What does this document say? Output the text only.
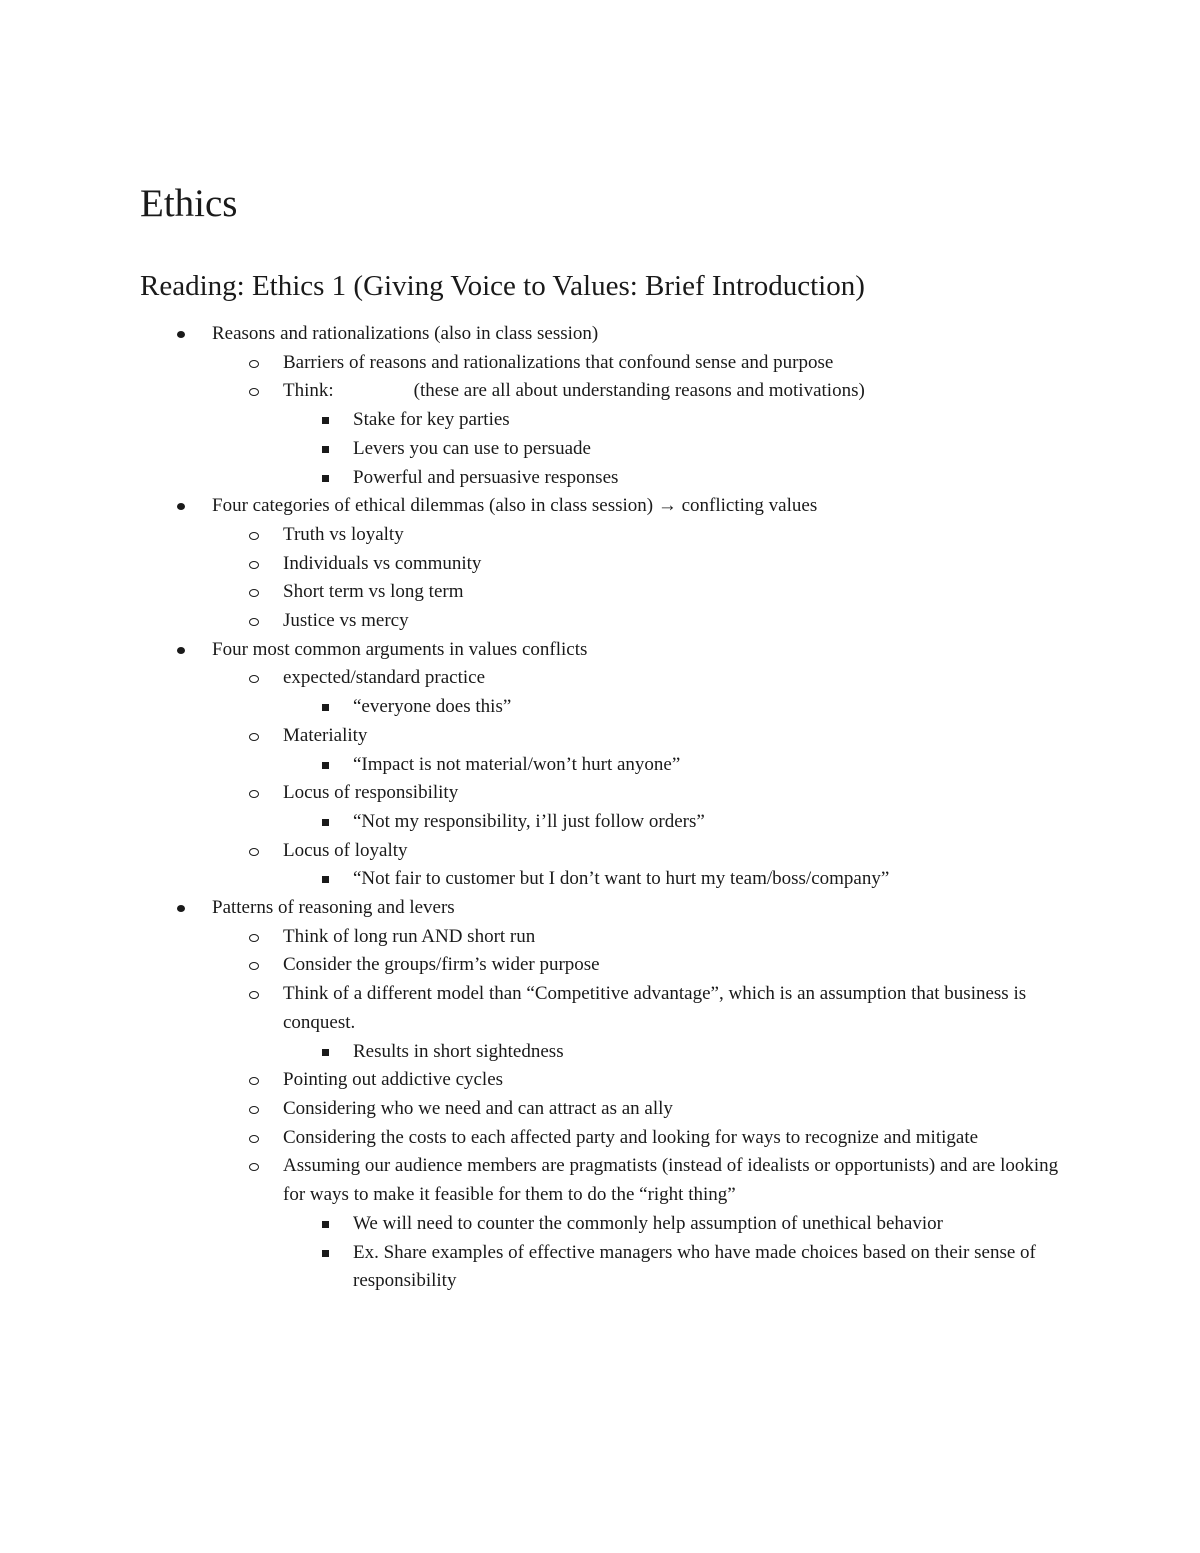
Ethics
Reading: Ethics 1 (Giving Voice to Values: Brief Introduction)
Reasons and rationalizations (also in class session)
Barriers of reasons and rationalizations that confound sense and purpose
Think:	(these are all about understanding reasons and motivations)
Stake for key parties
Levers you can use to persuade
Powerful and persuasive responses
Four categories of ethical dilemmas (also in class session) → conflicting values
Truth vs loyalty
Individuals vs community
Short term vs long term
Justice vs mercy
Four most common arguments in values conflicts
expected/standard practice
“everyone does this”
Materiality
“Impact is not material/won’t hurt anyone”
Locus of responsibility
“Not my responsibility, i’ll just follow orders”
Locus of loyalty
“Not fair to customer but I don’t want to hurt my team/boss/company”
Patterns of reasoning and levers
Think of long run AND short run
Consider the groups/firm’s wider purpose
Think of a different model than “Competitive advantage”, which is an assumption that business is conquest.
Results in short sightedness
Pointing out addictive cycles
Considering who we need and can attract as an ally
Considering the costs to each affected party and looking for ways to recognize and mitigate
Assuming our audience members are pragmatists (instead of idealists or opportunists) and are looking for ways to make it feasible for them to do the “right thing”
We will need to counter the commonly help assumption of unethical behavior
Ex. Share examples of effective managers who have made choices based on their sense of responsibility
